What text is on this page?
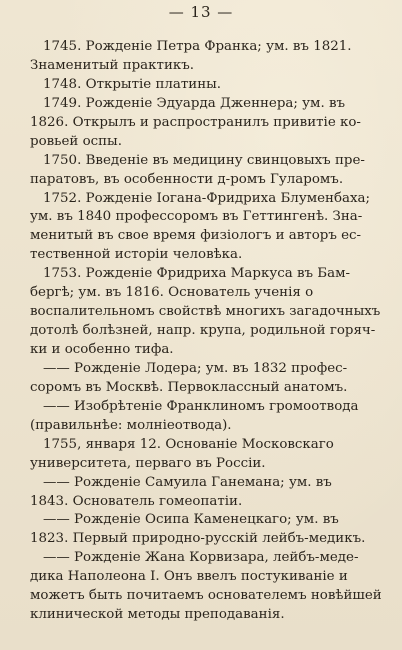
— 13 —
1745. Рожденіе Петра Франка; ум. въ 1821.
Знаменитый практикъ.
1748. Открытіе платины.
1749. Рожденіе Эдуарда Дженнера; ум. въ
1826. Открылъ и распространилъ привитіе ко-
ровьей оспы.
1750. Введеніе въ медицину свинцовыхъ пре-
паратовъ, въ особенности д-ромъ Гуларомъ.
1752. Рожденіе Іогана-Фридриха Блуменбаха;
ум. въ 1840 профессоромъ въ Геттингенѣ. Зна-
менитый въ свое время физіологъ и авторъ ес-
тественной исторіи человѣка.
1753. Рожденіе Фридриха Маркуса въ Бам-
бергѣ; ум. въ 1816. Основатель ученія о
воспалительномъ свойствѣ многихъ загадочныхъ
дотолѣ болѣзней, напр. крупа, родильной горяч-
ки и особенно тифа.
—— Рожденіе Лодера; ум. въ 1832 профес-
соромъ въ Москвѣ. Первоклассный анатомъ.
—— Изобрѣтеніе Франклиномъ громоотвода
(правильнѣе: молніеотвода).
1755, января 12. Основаніе Московскаго
университета, перваго въ Россіи.
—— Рожденіе Самуила Ганемана; ум. въ
1843. Основатель гомеопатіи.
—— Рожденіе Осипа Каменецкаго; ум. въ
1823. Первый природно-русскій лейбъ-медикъ.
—— Рожденіе Жана Корвизара, лейбъ-меде-
дика Наполеона I. Онъ ввелъ постукиваніе и
можетъ быть почитаемъ основателемъ новѣйшей
клинической методы преподаванія.
